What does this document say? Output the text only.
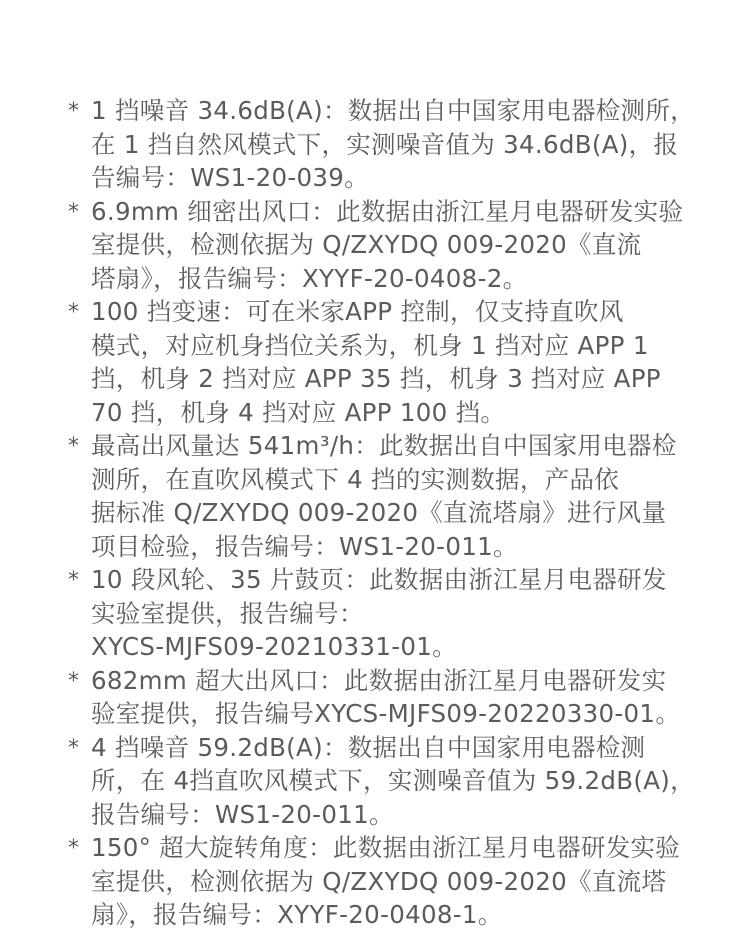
* 1 挡噪音 34.6dB(A)：数据出自中国家用电器检测所，
在 1 挡自然风模式下，实测噪音值为 34.6dB(A)，报
告编号：WS1-20-039。
* 6.9mm 细密出风口：此数据由浙江星月电器研发实验
室提供，检测依据为 Q/ZXYDQ 009-2020《直流
塔扇》，报告编号：XYYF-20-0408-2。
* 100 挡变速：可在米家APP 控制，仅支持直吹风
模式，对应机身挡位关系为，机身 1 挡对应 APP 1
挡，机身 2 挡对应 APP 35 挡，机身 3 挡对应 APP
70 挡，机身 4 挡对应 APP 100 挡。
* 最高出风量达 541m³/h：此数据出自中国家用电器检
测所，在直吹风模式下 4 挡的实测数据，产品依
据标准 Q/ZXYDQ 009-2020《直流塔扇》进行风量
项目检验，报告编号：WS1-20-011。
* 10 段风轮、35 片鼓页：此数据由浙江星月电器研发
实验室提供，报告编号：
XYCS-MJFS09-20210331-01。
* 682mm 超大出风口：此数据由浙江星月电器研发实
验室提供，报告编号XYCS-MJFS09-20220330-01。
* 4 挡噪音 59.2dB(A)：数据出自中国家用电器检测
所，在 4挡直吹风模式下，实测噪音值为 59.2dB(A)，
报告编号：WS1-20-011。
* 150° 超大旋转角度：此数据由浙江星月电器研发实验
室提供，检测依据为 Q/ZXYDQ 009-2020《直流塔
扇》，报告编号：XYYF-20-0408-1。
